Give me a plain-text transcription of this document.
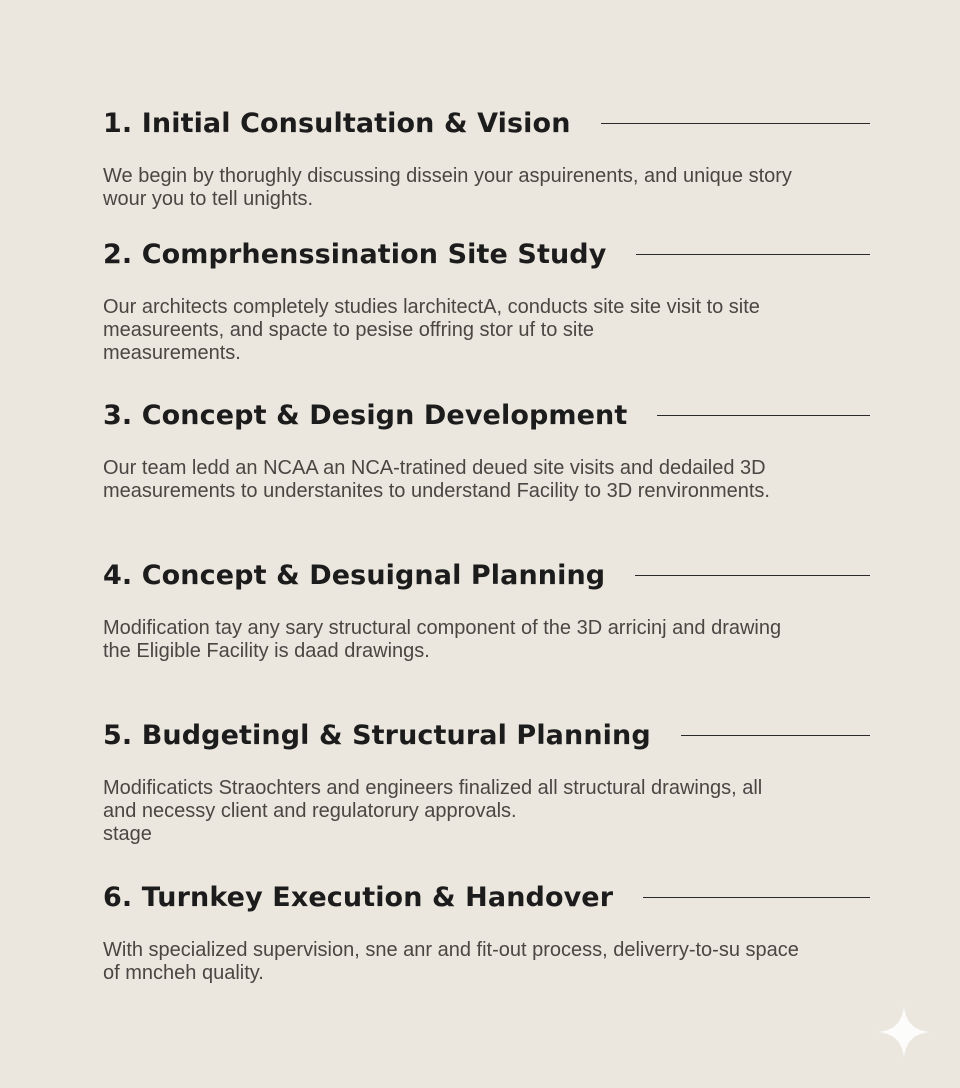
1. Initial Consultation & Vision

We begin by thorughly discussing dissein your aspuirenents, and unique story
wour you to tell unights.

2. Comprhenssination Site Study

Our architects completely studies larchitectA, conducts site site visit to site
measureents, and spacte to pesise offring stor uf to site
measurements.

3. Concept & Design Development

Our team ledd an NCAA an NCA-tratined deued site visits and dedailed 3D
measurements to understanites to understand Facility to 3D renvironments.

4. Concept & Desuignal Planning

Modification tay any sary structural component of the 3D arricinj and drawing
the Eligible Facility is daad drawings.

5. Budgetingl & Structural Planning

Modificaticts Straochters and engineers finalized all structural drawings, all
and necessy client and regulatorury approvals.
stage

6. Turnkey Execution & Handover

With specialized supervision, sne anr and fit-out process, deliverry-to-su space
of mncheh quality.
